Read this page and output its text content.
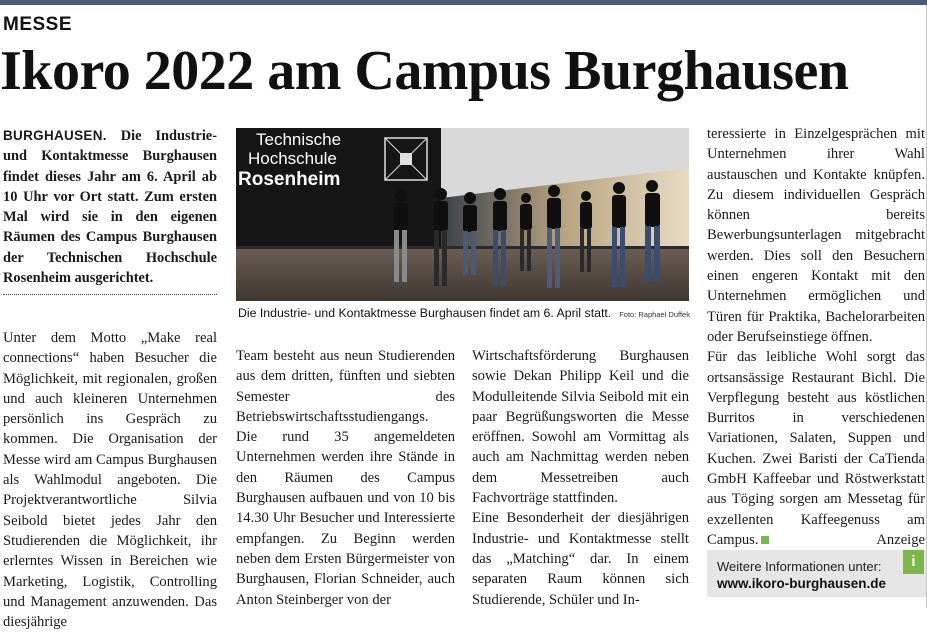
MESSE
Ikoro 2022 am Campus Burghausen
BURGHAUSEN. Die Industrie- und Kontaktmesse Burghausen findet dieses Jahr am 6. April ab 10 Uhr vor Ort statt. Zum ersten Mal wird sie in den eigenen Räumen des Campus Burghausen der Technischen Hochschule Rosenheim ausgerichtet.
Technische
Hochschule
Rosenheim
Die Industrie- und Kontaktmesse Burghausen findet am 6. April statt. Foto: Raphael Duffek

Unter dem Motto „Make real connections“ haben Besucher die Möglichkeit, mit regionalen, großen und auch kleineren Unternehmen persönlich ins Gespräch zu kommen. Die Organisation der Messe wird am Campus Burghausen als Wahlmodul angeboten. Die Projektverantwortliche Silvia Seibold bietet jedes Jahr den Studierenden die Möglichkeit, ihr erlerntes Wissen in Bereichen wie Marketing, Logistik, Controlling und Management anzuwenden. Das diesjährige

Team besteht aus neun Studierenden aus dem dritten, fünften und siebten Semester des Betriebswirtschaftsstudiengangs.

Die rund 35 angemeldeten Unternehmen werden ihre Stände in den Räumen des Campus Burghausen aufbauen und von 10 bis 14.30 Uhr Besucher und Interessierte empfangen. Zu Beginn werden neben dem Ersten Bürgermeister von Burghausen, Florian Schneider, auch Anton Steinberger von der

Wirtschaftsförderung Burghausen sowie Dekan Philipp Keil und die Modulleitende Silvia Seibold mit ein paar Begrüßungsworten die Messe eröffnen. Sowohl am Vormittag als auch am Nachmittag werden neben dem Messetreiben auch Fachvorträge stattfinden.

Eine Besonderheit der diesjährigen Industrie- und Kontaktmesse stellt das „Matching“ dar. In einem separaten Raum können sich Studierende, Schüler und In-

teressierte in Einzelgesprächen mit Unternehmen ihrer Wahl austauschen und Kontakte knüpfen. Zu diesem individuellen Gespräch können bereits Bewerbungsunterlagen mitgebracht werden. Dies soll den Besuchern einen engeren Kontakt mit den Unternehmen ermöglichen und Türen für Praktika, Bachelorarbeiten oder Berufseinstiege öffnen.

Für das leibliche Wohl sorgt das ortsansässige Restaurant Bichl. Die Verpflegung besteht aus köstlichen Burritos in verschiedenen Variationen, Salaten, Suppen und Kuchen. Zwei Baristi der CaTienda GmbH Kaffeebar und Röstwerkstatt aus Töging sorgen am Messetag für exzellenten Kaffeegenuss am Campus.	Anzeige

Weitere Informationen unter:
www.ikoro-burghausen.de
i
